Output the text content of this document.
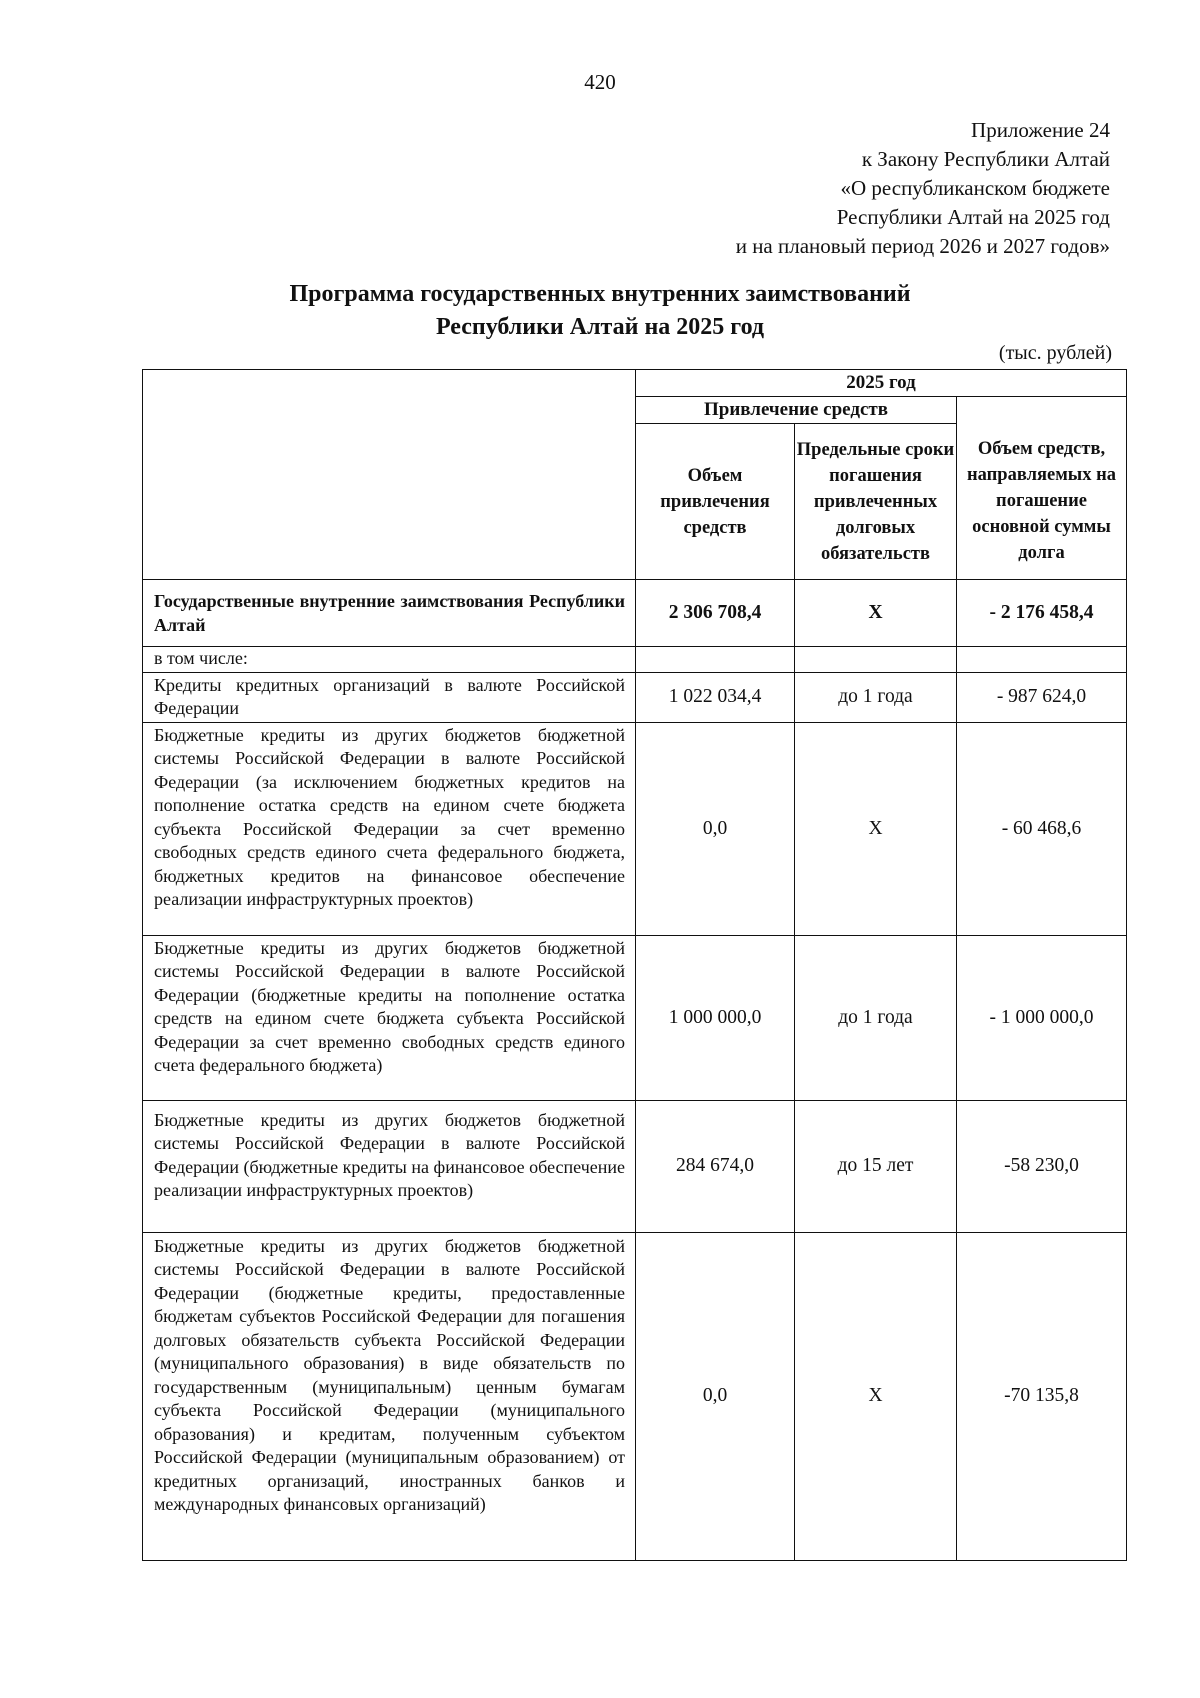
420
Приложение 24
к Закону Республики Алтай
«О республиканском бюджете
Республики Алтай на 2025 год
и на плановый период 2026 и 2027 годов»
Программа государственных внутренних заимствований
Республики Алтай на 2025 год
(тыс. рублей)
	2025 год		
	Привлечение средств		Объем средств, направляемых на погашение основной суммы долга
	Объем привлечения средств	Предельные сроки погашения привлеченных долговых обязательств	
Государственные внутренние заимствования Республики Алтай	2 306 708,4	X	- 2 176 458,4
в том числе:			
Кредиты кредитных организаций в валюте Российской Федерации	1 022 034,4	до 1 года	- 987 624,0
Бюджетные кредиты из других бюджетов бюджетной системы Российской Федерации в валюте Российской Федерации (за исключением бюджетных кредитов на пополнение остатка средств на едином счете бюджета субъекта Российской Федерации за счет временно свободных средств единого счета федерального бюджета, бюджетных кредитов на финансовое обеспечение реализации инфраструктурных проектов)	0,0	X	- 60 468,6
Бюджетные кредиты из других бюджетов бюджетной системы Российской Федерации в валюте Российской Федерации (бюджетные кредиты на пополнение остатка средств на едином счете бюджета субъекта Российской Федерации за счет временно свободных средств единого счета федерального бюджета)	1 000 000,0	до 1 года	- 1 000 000,0
Бюджетные кредиты из других бюджетов бюджетной системы Российской Федерации в валюте Российской Федерации (бюджетные кредиты на финансовое обеспечение реализации инфраструктурных проектов)	284 674,0	до 15 лет	-58 230,0
Бюджетные кредиты из других бюджетов бюджетной системы Российской Федерации в валюте Российской Федерации (бюджетные кредиты, предоставленные бюджетам субъектов Российской Федерации для погашения долговых обязательств субъекта Российской Федерации (муниципального образования) в виде обязательств по государственным (муниципальным) ценным бумагам субъекта Российской Федерации (муниципального образования) и кредитам, полученным субъектом Российской Федерации (муниципальным образованием) от кредитных организаций, иностранных банков и международных финансовых организаций)	0,0	X	-70 135,8
